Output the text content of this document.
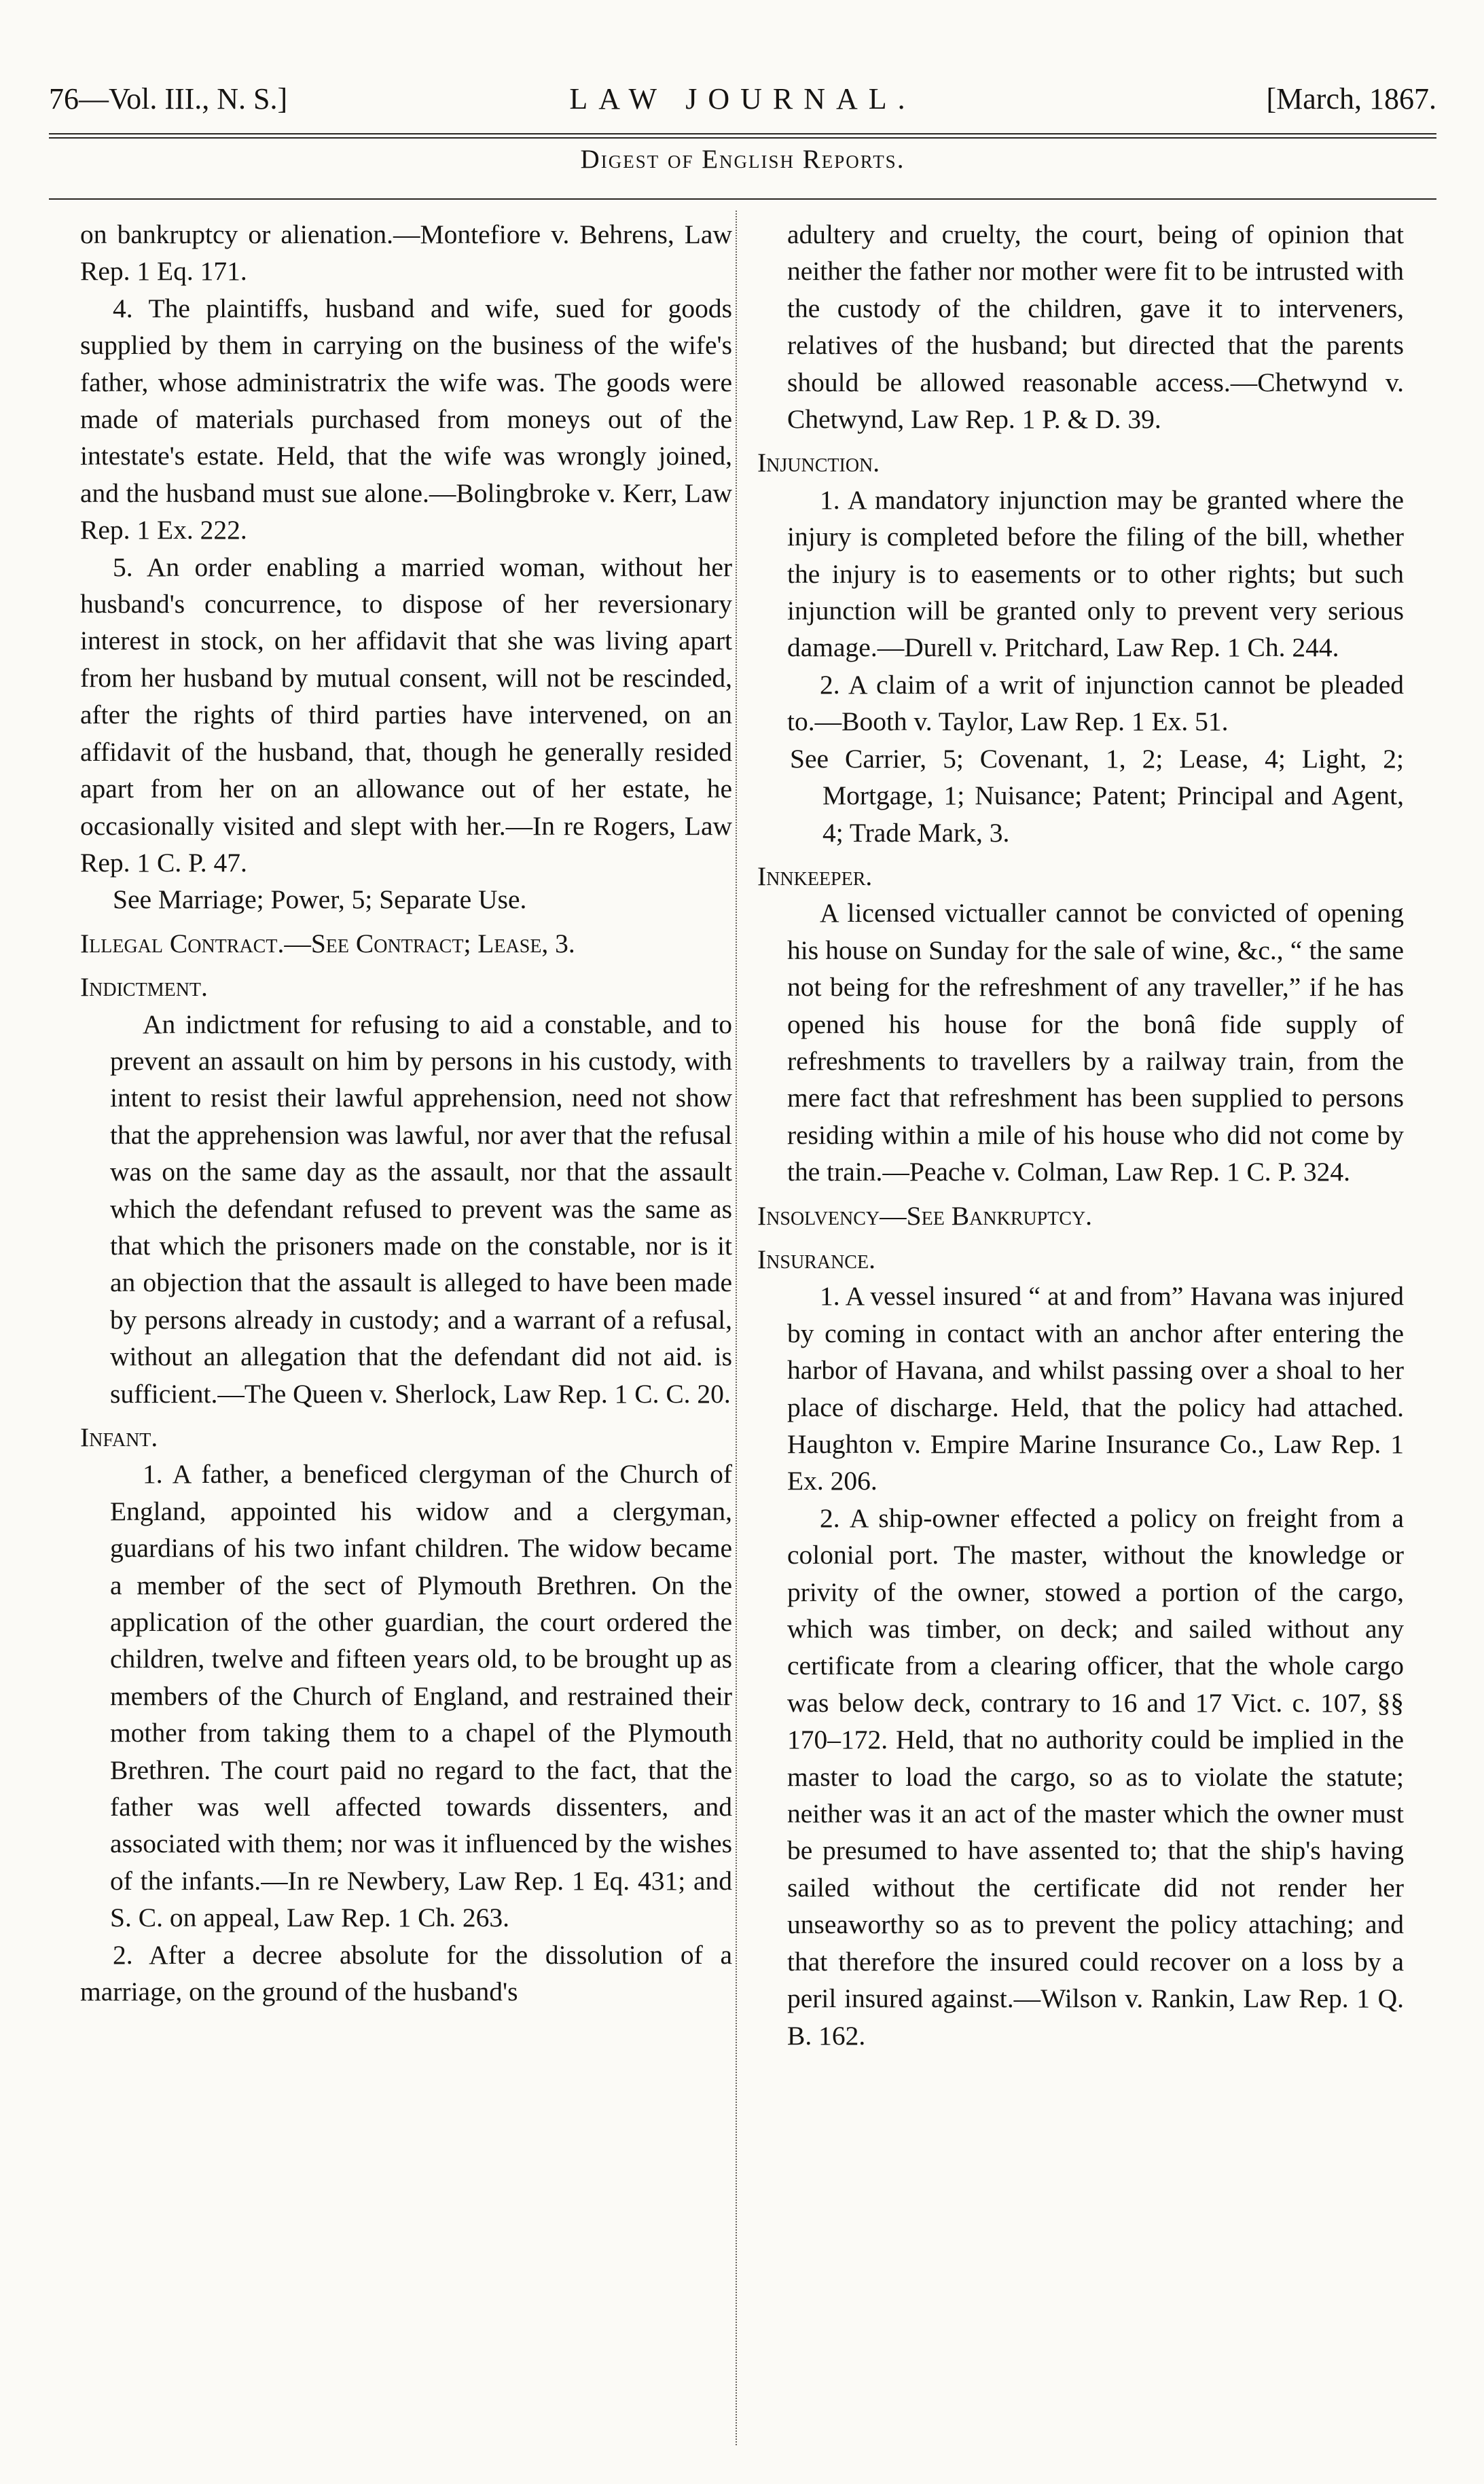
76—Vol. III., N. S.]	LAW JOURNAL.	[March, 1867.
Digest of English Reports.

on bankruptcy or alienation.—Montefiore v. Behrens, Law Rep. 1 Eq. 171.

4. The plaintiffs, husband and wife, sued for goods supplied by them in carrying on the business of the wife's father, whose administratrix the wife was. The goods were made of materials purchased from moneys out of the intestate's estate. Held, that the wife was wrongly joined, and the husband must sue alone.—Bolingbroke v. Kerr, Law Rep. 1 Ex. 222.

5. An order enabling a married woman, without her husband's concurrence, to dispose of her reversionary interest in stock, on her affidavit that she was living apart from her husband by mutual consent, will not be rescinded, after the rights of third parties have intervened, on an affidavit of the husband, that, though he generally resided apart from her on an allowance out of her estate, he occasionally visited and slept with her.—In re Rogers, Law Rep. 1 C. P. 47.

See Marriage; Power, 5; Separate Use.

Illegal Contract.—See Contract; Lease, 3.

Indictment.

An indictment for refusing to aid a constable, and to prevent an assault on him by persons in his custody, with intent to resist their lawful apprehension, need not show that the apprehension was lawful, nor aver that the refusal was on the same day as the assault, nor that the assault which the defendant refused to prevent was the same as that which the prisoners made on the constable, nor is it an objection that the assault is alleged to have been made by persons already in custody; and a warrant of a refusal, without an allegation that the defendant did not aid. is sufficient.—The Queen v. Sherlock, Law Rep. 1 C. C. 20.

Infant.

1. A father, a beneficed clergyman of the Church of England, appointed his widow and a clergyman, guardians of his two infant children. The widow became a member of the sect of Plymouth Brethren. On the application of the other guardian, the court ordered the children, twelve and fifteen years old, to be brought up as members of the Church of England, and restrained their mother from taking them to a chapel of the Plymouth Brethren. The court paid no regard to the fact, that the father was well affected towards dissenters, and associated with them; nor was it influenced by the wishes of the infants.—In re Newbery, Law Rep. 1 Eq. 431; and S. C. on appeal, Law Rep. 1 Ch. 263.

2. After a decree absolute for the dissolution of a marriage, on the ground of the husband's

adultery and cruelty, the court, being of opinion that neither the father nor mother were fit to be intrusted with the custody of the children, gave it to interveners, relatives of the husband; but directed that the parents should be allowed reasonable access.—Chetwynd v. Chetwynd, Law Rep. 1 P. & D. 39.

Injunction.

1. A mandatory injunction may be granted where the injury is completed before the filing of the bill, whether the injury is to easements or to other rights; but such injunction will be granted only to prevent very serious damage.—Durell v. Pritchard, Law Rep. 1 Ch. 244.

2. A claim of a writ of injunction cannot be pleaded to.—Booth v. Taylor, Law Rep. 1 Ex. 51.

See Carrier, 5; Covenant, 1, 2; Lease, 4; Light, 2; Mortgage, 1; Nuisance; Patent; Principal and Agent, 4; Trade Mark, 3.

Innkeeper.

A licensed victualler cannot be convicted of opening his house on Sunday for the sale of wine, &c., “ the same not being for the refreshment of any traveller,” if he has opened his house for the bonâ fide supply of refreshments to travellers by a railway train, from the mere fact that refreshment has been supplied to persons residing within a mile of his house who did not come by the train.—Peache v. Colman, Law Rep. 1 C. P. 324.

Insolvency—See Bankruptcy.

Insurance.

1. A vessel insured “ at and from” Havana was injured by coming in contact with an anchor after entering the harbor of Havana, and whilst passing over a shoal to her place of discharge. Held, that the policy had attached. Haughton v. Empire Marine Insurance Co., Law Rep. 1 Ex. 206.

2. A ship-owner effected a policy on freight from a colonial port. The master, without the knowledge or privity of the owner, stowed a portion of the cargo, which was timber, on deck; and sailed without any certificate from a clearing officer, that the whole cargo was below deck, contrary to 16 and 17 Vict. c. 107, §§ 170–172. Held, that no authority could be implied in the master to load the cargo, so as to violate the statute; neither was it an act of the master which the owner must be presumed to have assented to; that the ship's having sailed without the certificate did not render her unseaworthy so as to prevent the policy attaching; and that therefore the insured could recover on a loss by a peril insured against.—Wilson v. Rankin, Law Rep. 1 Q. B. 162.
